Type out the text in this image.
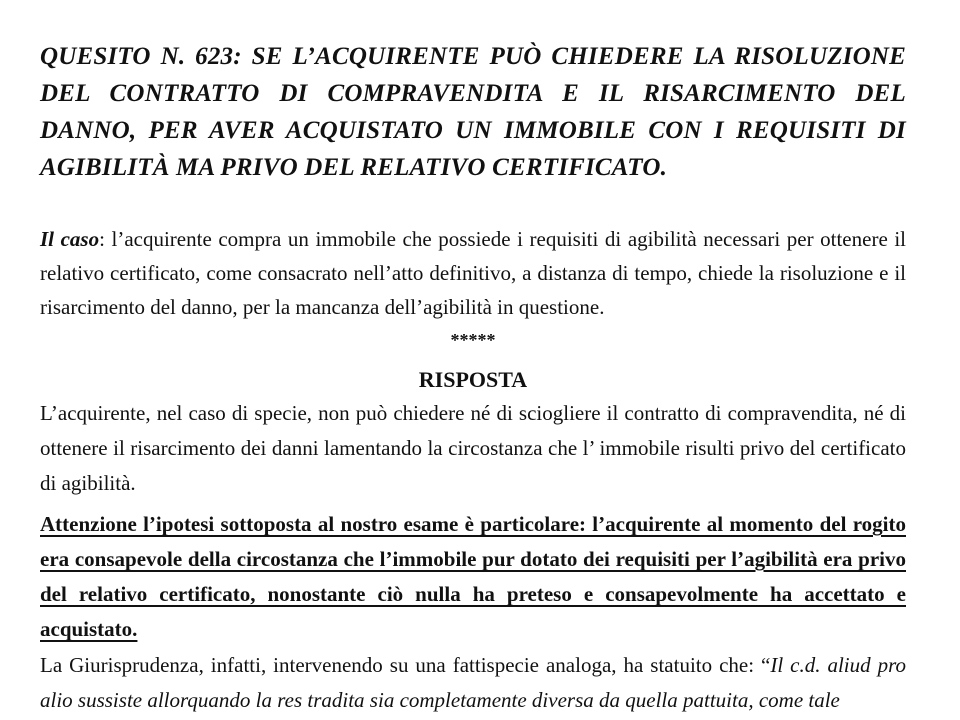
QUESITO N. 623: SE L’ACQUIRENTE PUÒ CHIEDERE LA RISOLUZIONE DEL CONTRATTO DI COMPRAVENDITA E IL RISARCIMENTO DEL DANNO, PER AVER ACQUISTATO UN IMMOBILE CON I REQUISITI DI AGIBILITÀ MA PRIVO DEL RELATIVO CERTIFICATO.

Il caso: l’acquirente compra un immobile che possiede i requisiti di agibilità necessari per ottenere il relativo certificato, come consacrato nell’atto definitivo, a distanza di tempo, chiede la risoluzione e il risarcimento del danno, per la mancanza dell’agibilità in questione.

*****

RISPOSTA

L’acquirente, nel caso di specie, non può chiedere né di sciogliere il contratto di compravendita, né di ottenere il risarcimento dei danni lamentando la circostanza che l’ immobile risulti privo del certificato di agibilità.

Attenzione l’ipotesi sottoposta al nostro esame è particolare: l’acquirente al momento del rogito era consapevole della circostanza che l’immobile pur dotato dei requisiti per l’agibilità era privo del relativo certificato, nonostante ciò nulla ha preteso e consapevolmente ha accettato e acquistato.

La Giurisprudenza, infatti, intervenendo su una fattispecie analoga, ha statuito che: “Il c.d. aliud pro alio sussiste allorquando la res tradita sia completamente diversa da quella pattuita, come tale
